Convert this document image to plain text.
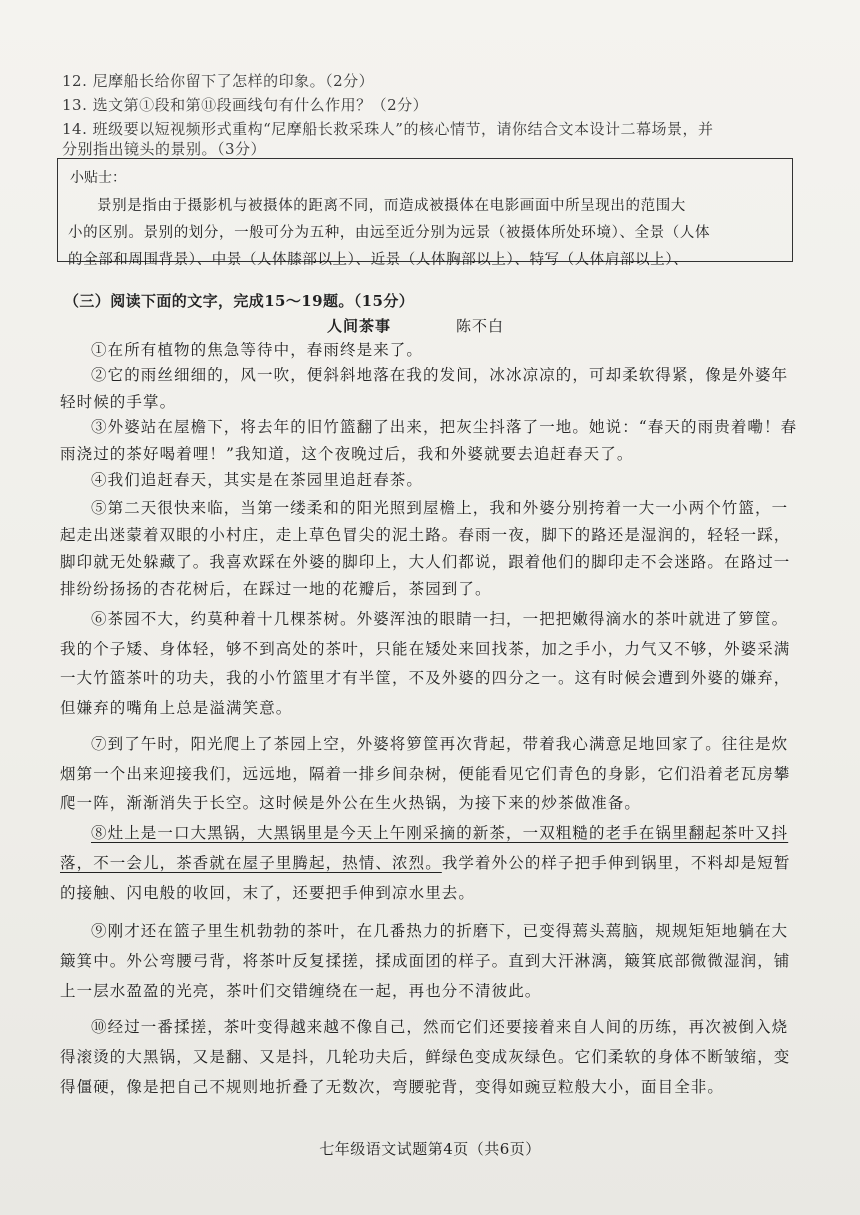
12. 尼摩船长给你留下了怎样的印象。（2分）
13. 选文第①段和第⑪段画线句有什么作用？（2分）
14. 班级要以短视频形式重构“尼摩船长救采珠人”的核心情节，请你结合文本设计二幕场景，并
分别指出镜头的景别。（3分）
小贴士：
景别是指由于摄影机与被摄体的距离不同，而造成被摄体在电影画面中所呈现出的范围大
小的区别。景别的划分，一般可分为五种，由远至近分别为远景（被摄体所处环境）、全景（人体
的全部和周围背景）、中景（人体膝部以上）、近景（人体胸部以上）、特写（人体肩部以上）、
（三）阅读下面的文字，完成15～19题。（15分）
人间茶事	陈不白

①在所有植物的焦急等待中，春雨终是来了。

②它的雨丝细细的，风一吹，便斜斜地落在我的发间，冰冰凉凉的，可却柔软得紧，像是外婆年轻时候的手掌。

③外婆站在屋檐下，将去年的旧竹篮翻了出来，把灰尘抖落了一地。她说：“春天的雨贵着嘞！春雨浇过的茶好喝着哩！”我知道，这个夜晚过后，我和外婆就要去追赶春天了。

④我们追赶春天，其实是在茶园里追赶春茶。

⑤第二天很快来临，当第一缕柔和的阳光照到屋檐上，我和外婆分别挎着一大一小两个竹篮，一起走出迷蒙着双眼的小村庄，走上草色冒尖的泥土路。春雨一夜，脚下的路还是湿润的，轻轻一踩，脚印就无处躲藏了。我喜欢踩在外婆的脚印上，大人们都说，跟着他们的脚印走不会迷路。在路过一排纷纷扬扬的杏花树后，在踩过一地的花瓣后，茶园到了。

⑥茶园不大，约莫种着十几棵茶树。外婆浑浊的眼睛一扫，一把把嫩得滴水的茶叶就进了箩筐。我的个子矮、身体轻，够不到高处的茶叶，只能在矮处来回找茶，加之手小，力气又不够，外婆采满一大竹篮茶叶的功夫，我的小竹篮里才有半筐，不及外婆的四分之一。这有时候会遭到外婆的嫌弃，但嫌弃的嘴角上总是溢满笑意。

⑦到了午时，阳光爬上了茶园上空，外婆将箩筐再次背起，带着我心满意足地回家了。往往是炊烟第一个出来迎接我们，远远地，隔着一排乡间杂树，便能看见它们青色的身影，它们沿着老瓦房攀爬一阵，渐渐消失于长空。这时候是外公在生火热锅，为接下来的炒茶做准备。

⑧灶上是一口大黑锅，大黑锅里是今天上午刚采摘的新茶，一双粗糙的老手在锅里翻起茶叶又抖落，不一会儿，茶香就在屋子里腾起，热情、浓烈。我学着外公的样子把手伸到锅里，不料却是短暂的接触、闪电般的收回，末了，还要把手伸到凉水里去。

⑨刚才还在篮子里生机勃勃的茶叶，在几番热力的折磨下，已变得蔫头蔫脑，规规矩矩地躺在大簸箕中。外公弯腰弓背，将茶叶反复揉搓，揉成面团的样子。直到大汗淋漓，簸箕底部微微湿润，铺上一层水盈盈的光亮，茶叶们交错缠绕在一起，再也分不清彼此。

⑩经过一番揉搓，茶叶变得越来越不像自己，然而它们还要接着来自人间的历练，再次被倒入烧得滚烫的大黑锅，又是翻、又是抖，几轮功夫后，鲜绿色变成灰绿色。它们柔软的身体不断皱缩，变得僵硬，像是把自己不规则地折叠了无数次，弯腰驼背，变得如豌豆粒般大小，面目全非。

七年级语文试题第4页（共6页）
